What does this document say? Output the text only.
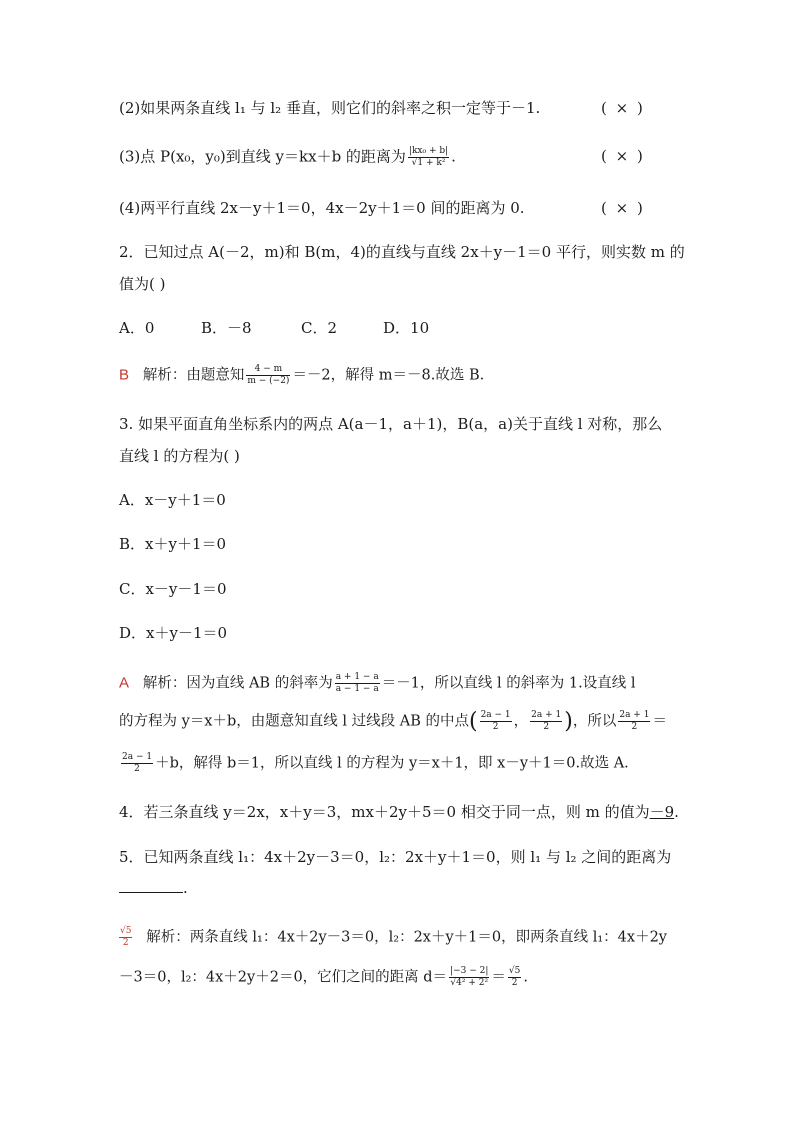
(2)如果两条直线 l₁ 与 l₂ 垂直，则它们的斜率之积一定等于－1.	( × )
(3)点 P(x₀，y₀)到直线 y＝kx＋b 的距离为 $\frac{\text{|kx₀ + b|}}{\text{√1 + k²}}$ .	( × )
(4)两平行直线 2x－y＋1＝0，4x－2y＋1＝0 间的距离为 0.	( × )
2．已知过点 A(－2，m)和 B(m，4)的直线与直线 2x＋y－1＝0 平行，则实数 m 的
值为( )
A．0	B．－8	C．2	D．10
B 解析：由题意知 $\frac{4 - m}{m - (-2)} =-2$，解得 m＝－8.故选 B.
3. 如果平面直角坐标系内的两点 A(a－1，a＋1)，B(a，a)关于直线 l 对称，那么
直线 l 的方程为( )
A．x－y＋1＝0
B．x＋y＋1＝0
C．x－y－1＝0
D．x＋y－1＝0
A 解析：因为直线 AB 的斜率为 $\frac{a + 1 - a}{a - 1 - a} =-1$，所以直线 l 的斜率为 1.设直线 l
的方程为 y＝x＋b，由题意知直线 l 过线段 AB 的中点( $\frac{2a - 1}{2}$ ， $\frac{2a + 1}{2}$ )，所以 $\frac{2a + 1}{2}$ ＝
$\frac{2a - 1}{2} +b$，解得 b＝1，所以直线 l 的方程为 y＝x＋1，即 x－y＋1＝0.故选 A.
4．若三条直线 y＝2x，x＋y＝3，mx＋2y＋5＝0 相交于同一点，则 m 的值为－9.
5．已知两条直线 l₁：4x＋2y－3＝0，l₂：2x＋y＋1＝0，则 l₁ 与 l₂ 之间的距离为
.
$\frac{√5}{2}$ 解析：两条直线 l₁：4x＋2y－3＝0，l₂：2x＋y＋1＝0，即两条直线 l₁：4x＋2y
－3＝0，l₂：4x＋2y＋2＝0，它们之间的距离 $d= \frac{|-3 - 2|}{\text{√4² + 2²}} = \frac{√5}{2}$ .
